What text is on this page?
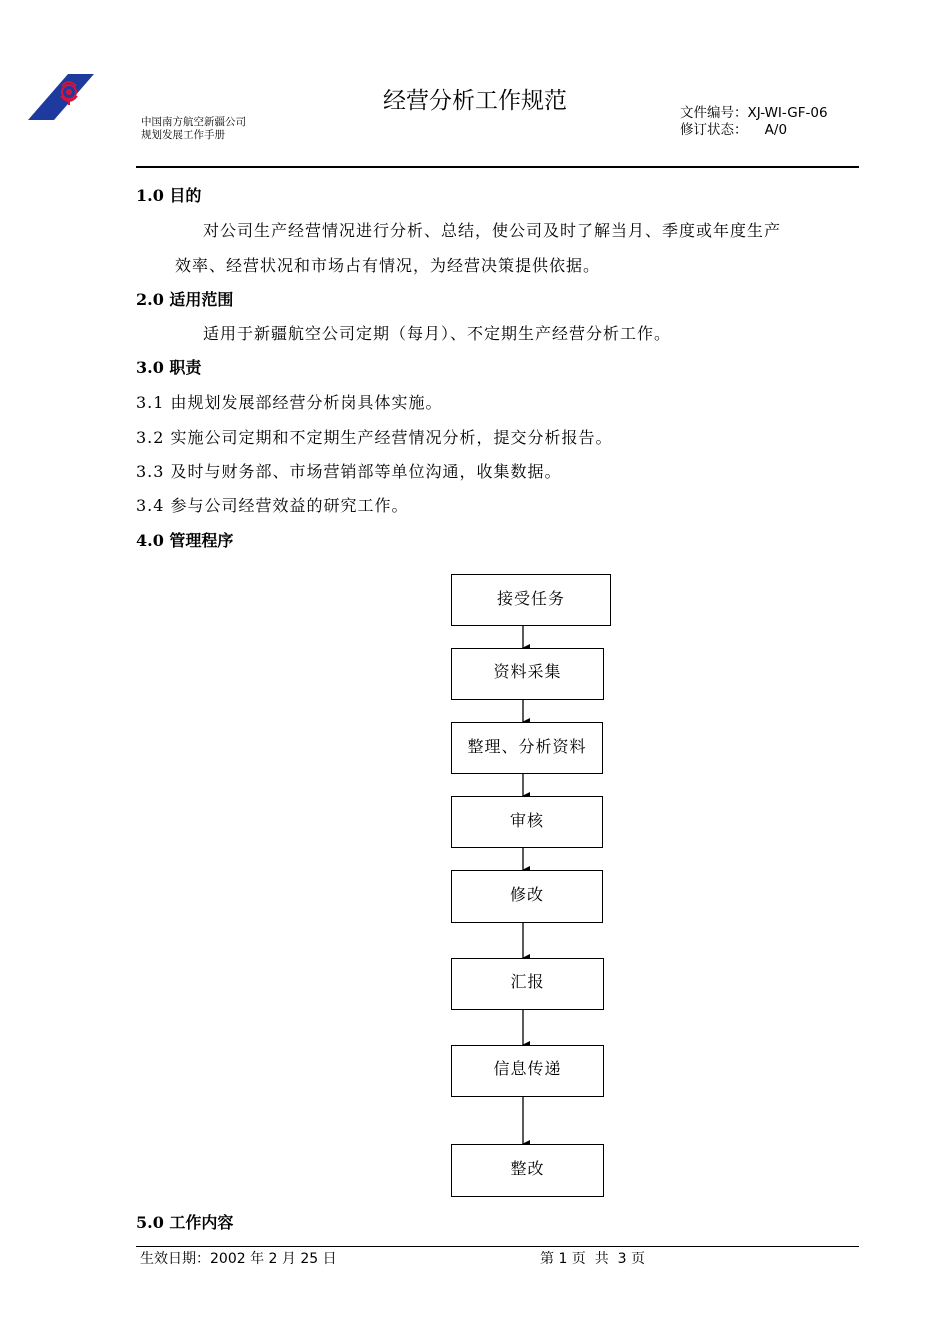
经营分析工作规范
中国南方航空新疆公司
规划发展工作手册
文件编号：XJ-WI-GF-06
修订状态：    A/0
1.0 目的
对公司生产经营情况进行分析、总结，使公司及时了解当月、季度或年度生产
效率、经营状况和市场占有情况，为经营决策提供依据。
2.0 适用范围
适用于新疆航空公司定期（每月）、不定期生产经营分析工作。
3.0 职责
3.1 由规划发展部经营分析岗具体实施。
3.2 实施公司定期和不定期生产经营情况分析，提交分析报告。
3.3 及时与财务部、市场营销部等单位沟通，收集数据。
3.4 参与公司经营效益的研究工作。
4.0 管理程序
接受任务
资料采集
整理、分析资料
审核
修改
汇报
信息传递
整改
5.0 工作内容
生效日期：2002 年 2 月 25 日	第 1 页  共  3 页
